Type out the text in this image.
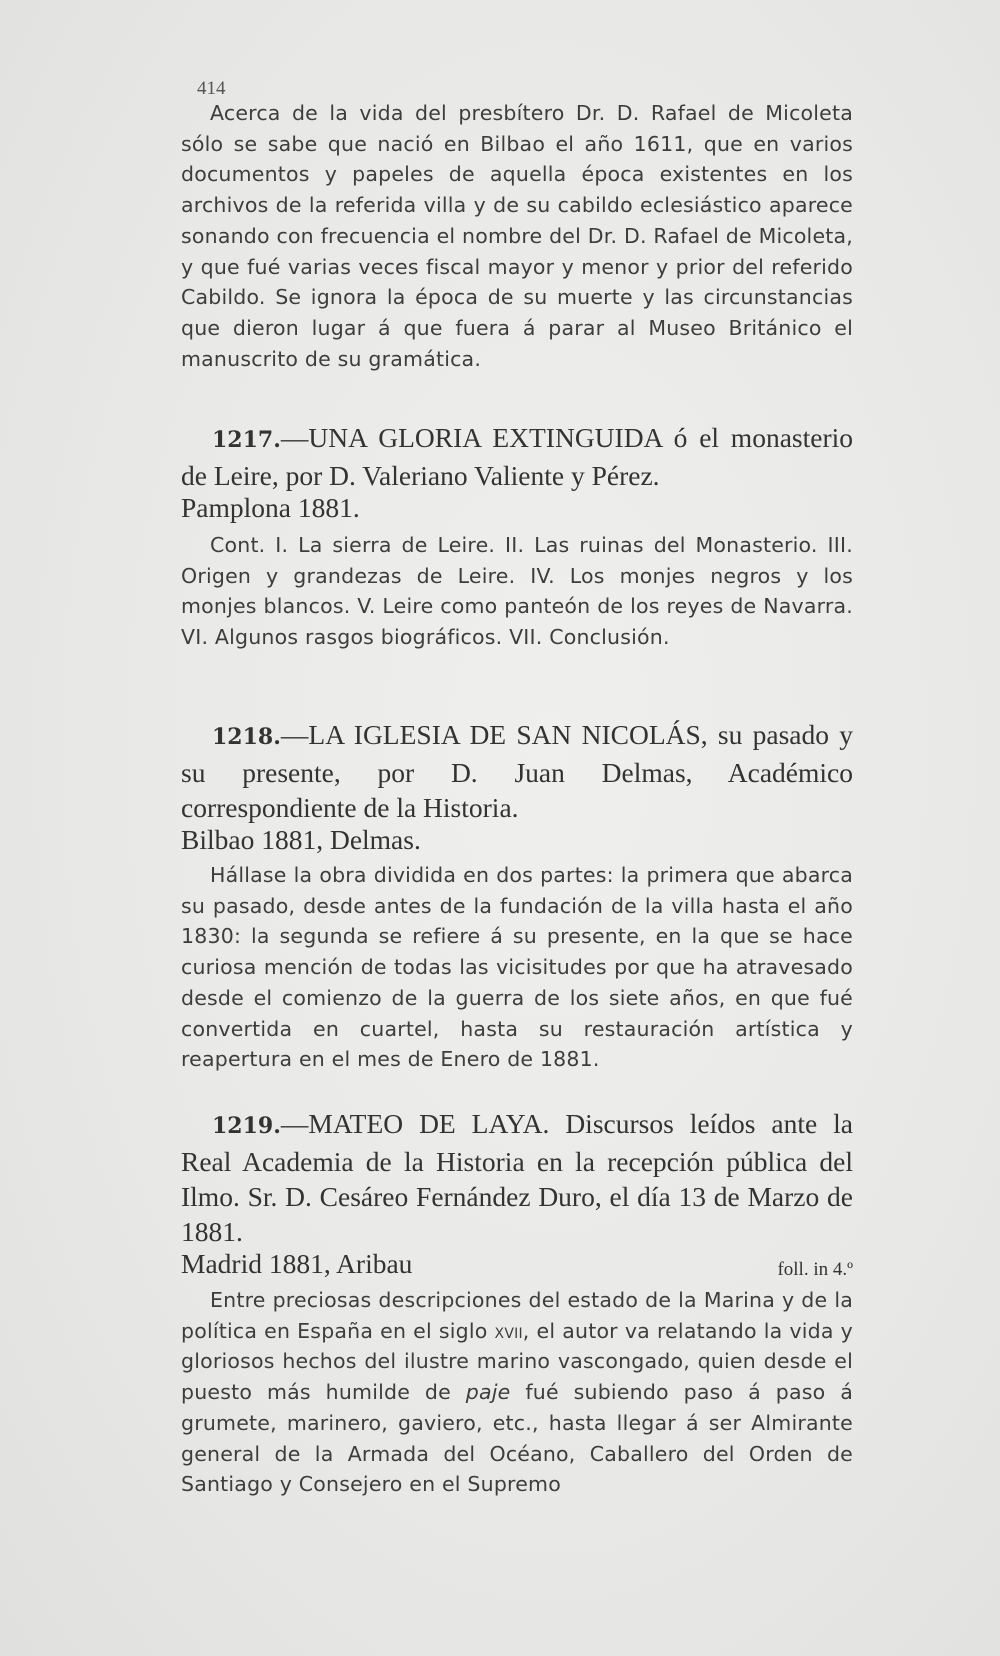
414

Acerca de la vida del presbítero Dr. D. Rafael de Micoleta sólo se sabe que nació en Bilbao el año 1611, que en varios documentos y papeles de aquella época existentes en los archivos de la referida villa y de su cabildo eclesiástico aparece sonando con frecuencia el nombre del Dr. D. Rafael de Micoleta, y que fué varias veces fiscal mayor y menor y prior del referido Cabildo. Se ignora la época de su muerte y las circunstancias que dieron lugar á que fuera á parar al Museo Británico el manuscrito de su gramática.

1217.—UNA GLORIA EXTINGUIDA ó el monasterio de Leire, por D. Valeriano Valiente y Pérez.
Pamplona 1881.

Cont. I. La sierra de Leire. II. Las ruinas del Monasterio. III. Origen y grandezas de Leire. IV. Los monjes negros y los monjes blancos. V. Leire como panteón de los reyes de Navarra. VI. Algunos rasgos biográficos. VII. Conclusión.

1218.—LA IGLESIA DE SAN NICOLÁS, su pasado y su presente, por D. Juan Delmas, Académico correspondiente de la Historia.
Bilbao 1881, Delmas.

Hállase la obra dividida en dos partes: la primera que abarca su pasado, desde antes de la fundación de la villa hasta el año 1830: la segunda se refiere á su presente, en la que se hace curiosa mención de todas las vicisitudes por que ha atravesado desde el comienzo de la guerra de los siete años, en que fué convertida en cuartel, hasta su restauración artística y reapertura en el mes de Enero de 1881.

1219.—MATEO DE LAYA. Discursos leídos ante la Real Academia de la Historia en la recepción pública del Ilmo. Sr. D. Cesáreo Fernández Duro, el día 13 de Marzo de 1881.
Madrid 1881, Aribau	foll. in 4.º

Entre preciosas descripciones del estado de la Marina y de la política en España en el siglo xvii, el autor va relatando la vida y gloriosos hechos del ilustre marino vascongado, quien desde el puesto más humilde de paje fué subiendo paso á paso á grumete, marinero, gaviero, etc., hasta llegar á ser Almirante general de la Armada del Océano, Caballero del Orden de Santiago y Consejero en el Supremo
